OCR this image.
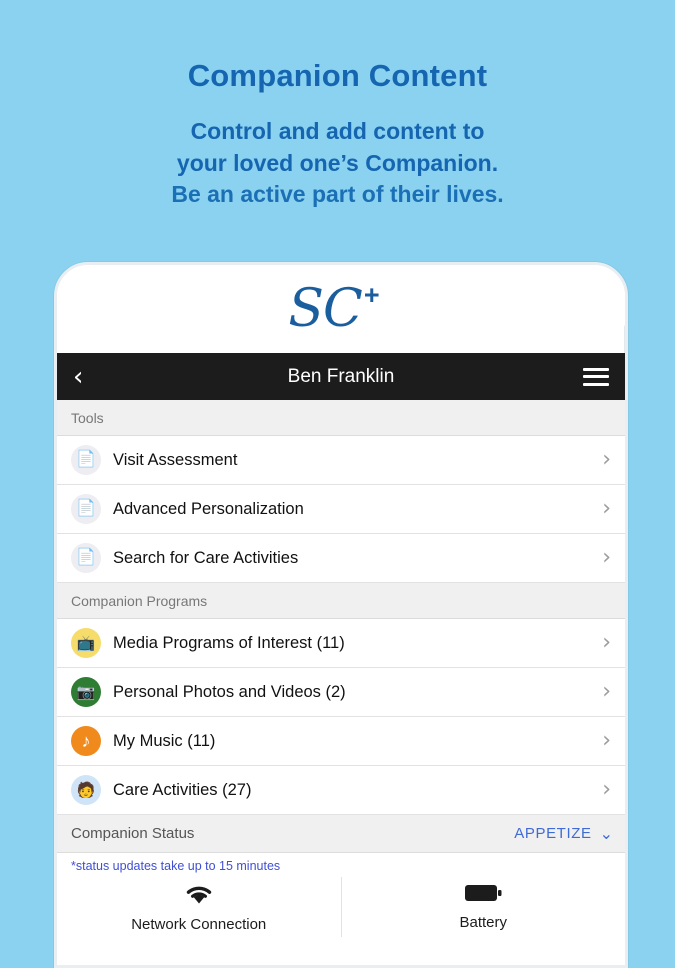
Companion Content
Control and add content to
your loved one’s Companion.
Be an active part of their lives.
SC +
‹	Ben Franklin
Tools
📄 Visit Assessment	›
📄 Advanced Personalization	›
📄 Search for Care Activities	›
Companion Programs
📺 Media Programs of Interest (11)	›
📷 Personal Photos and Videos (2)	›
♪ My Music (11)	›
🧑 Care Activities (27)	›
Companion Status	APPETIZE ⌄
*status updates take up to 15 minutes
Network Connection	Battery
